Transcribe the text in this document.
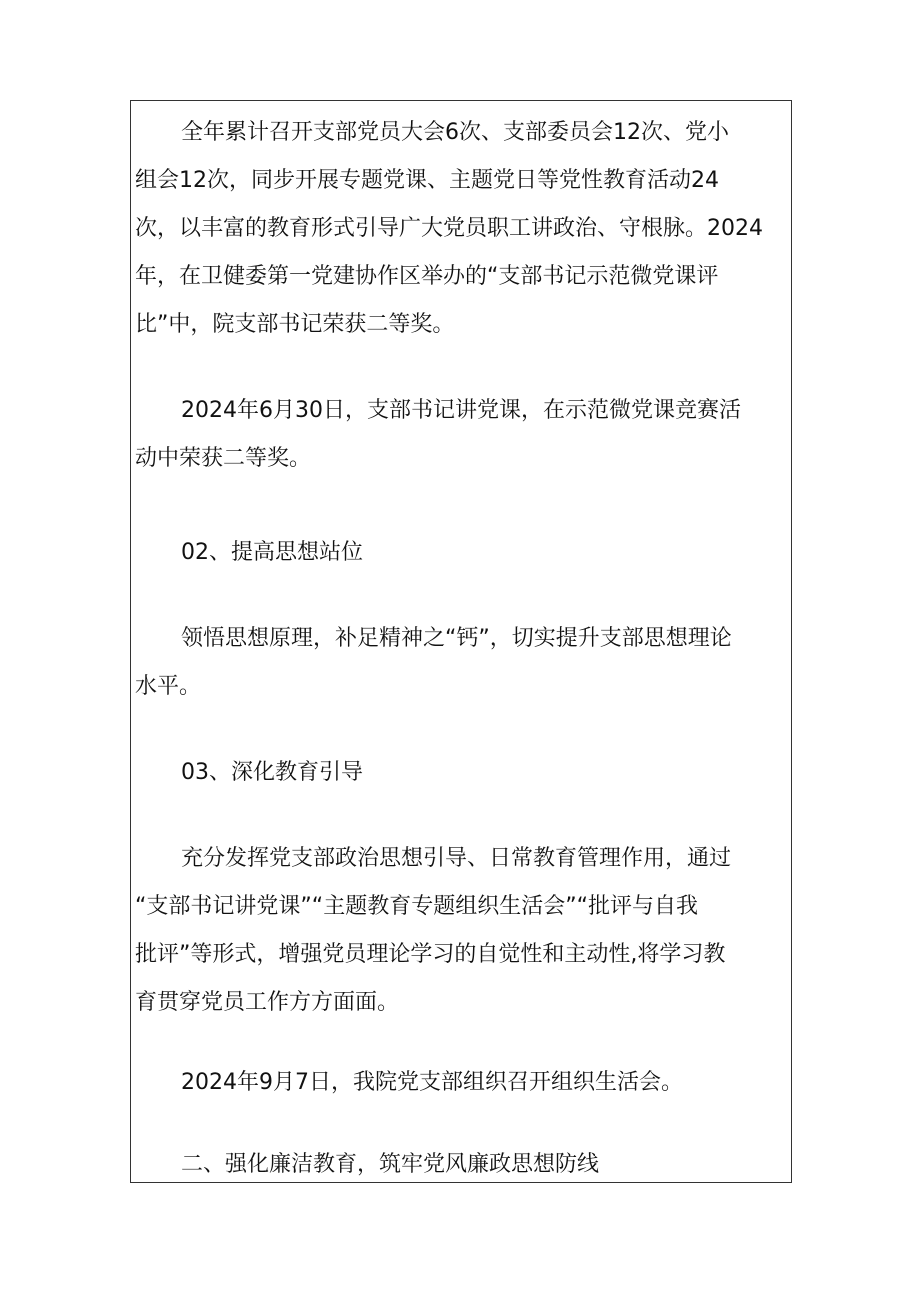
全年累计召开支部党员大会6次、支部委员会12次、党小
组会12次，同步开展专题党课、主题党日等党性教育活动24
次，以丰富的教育形式引导广大党员职工讲政治、守根脉。2024
年，在卫健委第一党建协作区举办的“支部书记示范微党课评
比”中，院支部书记荣获二等奖。
2024年6月30日，支部书记讲党课，在示范微党课竞赛活
动中荣获二等奖。
02、提高思想站位
领悟思想原理，补足精神之“钙”，切实提升支部思想理论
水平。
03、深化教育引导
充分发挥党支部政治思想引导、日常教育管理作用，通过
“支部书记讲党课”“主题教育专题组织生活会”“批评与自我
批评”等形式，增强党员理论学习的自觉性和主动性,将学习教
育贯穿党员工作方方面面。
2024年9月7日，我院党支部组织召开组织生活会。
二、强化廉洁教育，筑牢党风廉政思想防线
